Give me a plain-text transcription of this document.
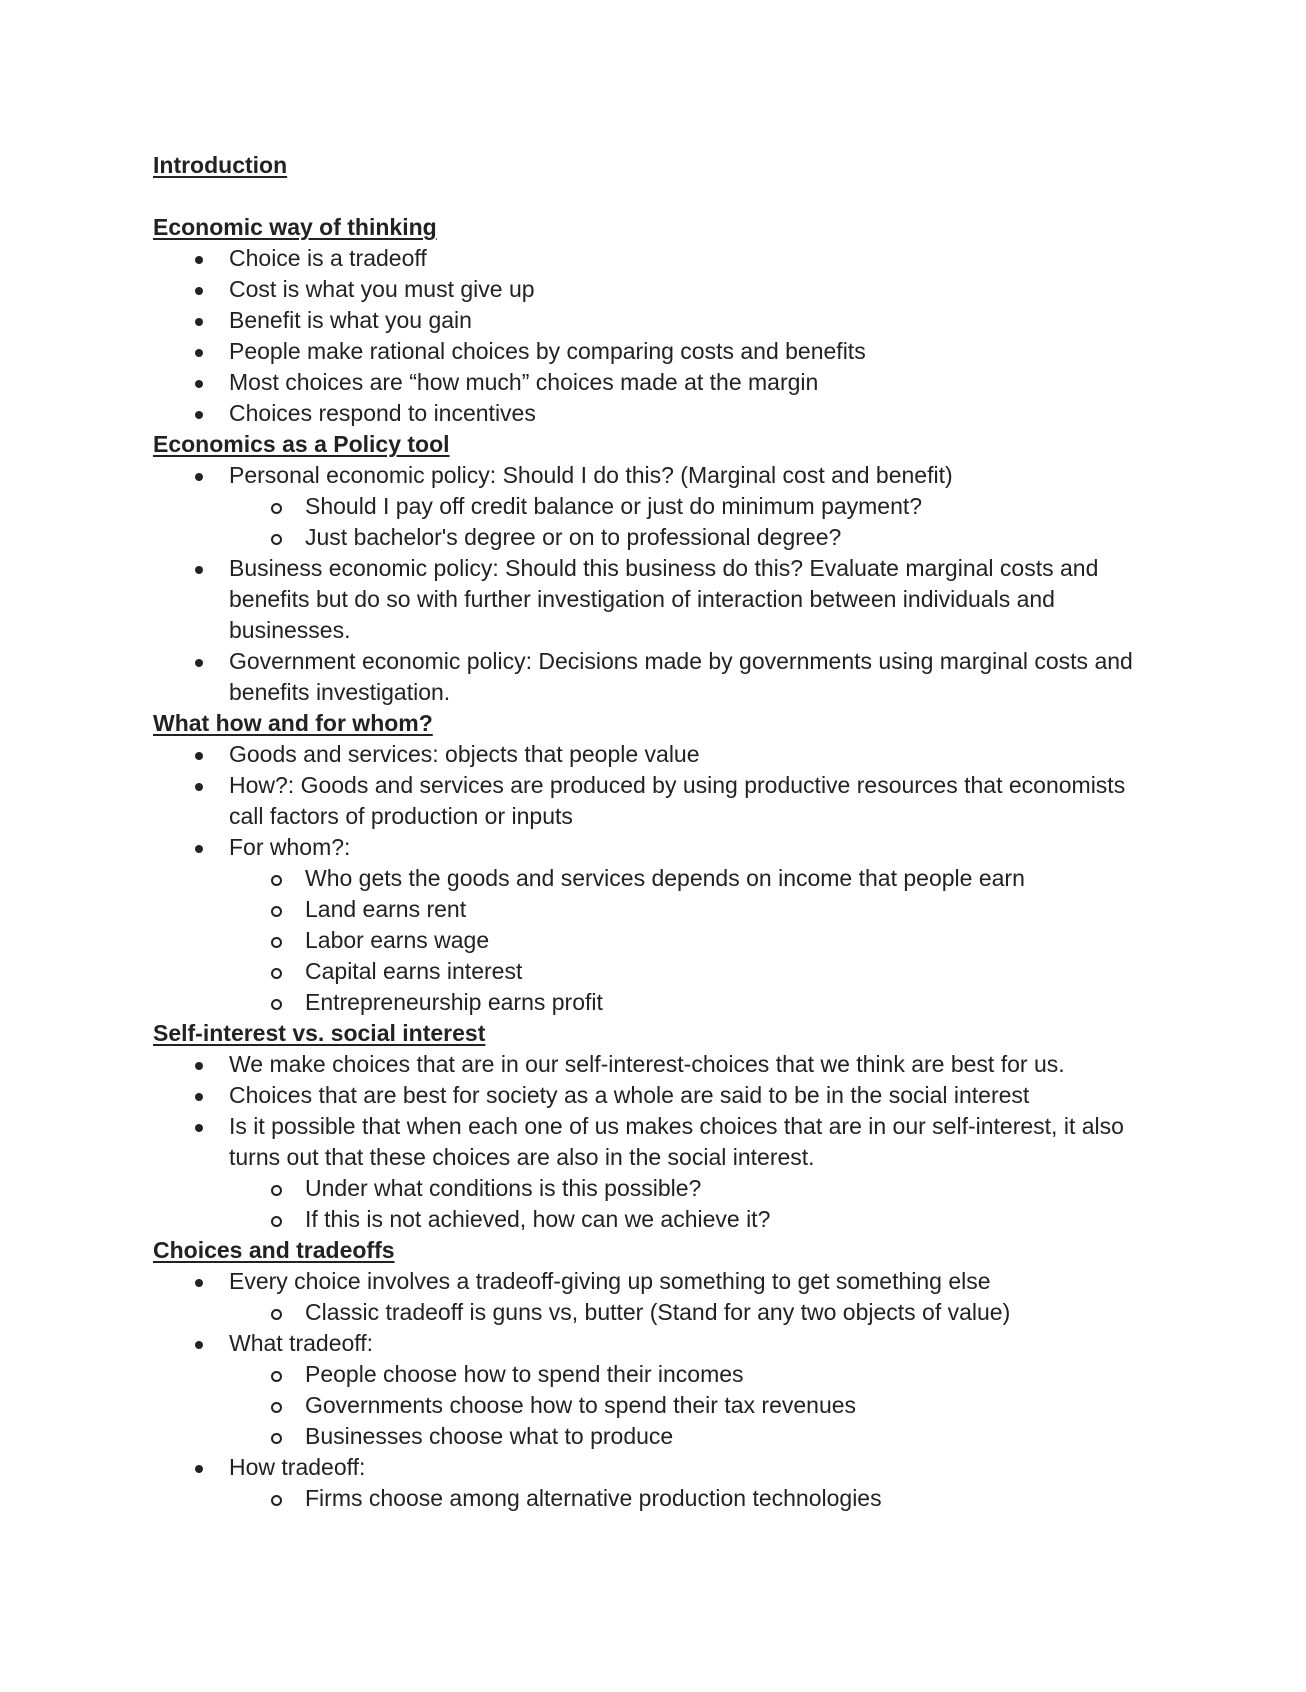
Introduction
Economic way of thinking
Choice is a tradeoff
Cost is what you must give up
Benefit is what you gain
People make rational choices by comparing costs and benefits
Most choices are “how much” choices made at the margin
Choices respond to incentives
Economics as a Policy tool
Personal economic policy: Should I do this? (Marginal cost and benefit)
Should I pay off credit balance or just do minimum payment?
Just bachelor's degree or on to professional degree?
Business economic policy: Should this business do this? Evaluate marginal costs and benefits but do so with further investigation of interaction between individuals and businesses.
Government economic policy: Decisions made by governments using marginal costs and benefits investigation.
What how and for whom?
Goods and services: objects that people value
How?: Goods and services are produced by using productive resources that economists call factors of production or inputs
For whom?:
Who gets the goods and services depends on income that people earn
Land earns rent
Labor earns wage
Capital earns interest
Entrepreneurship earns profit
Self-interest vs. social interest
We make choices that are in our self-interest-choices that we think are best for us.
Choices that are best for society as a whole are said to be in the social interest
Is it possible that when each one of us makes choices that are in our self-interest, it also turns out that these choices are also in the social interest.
Under what conditions is this possible?
If this is not achieved, how can we achieve it?
Choices and tradeoffs
Every choice involves a tradeoff-giving up something to get something else
Classic tradeoff is guns vs, butter (Stand for any two objects of value)
What tradeoff:
People choose how to spend their incomes
Governments choose how to spend their tax revenues
Businesses choose what to produce
How tradeoff:
Firms choose among alternative production technologies
